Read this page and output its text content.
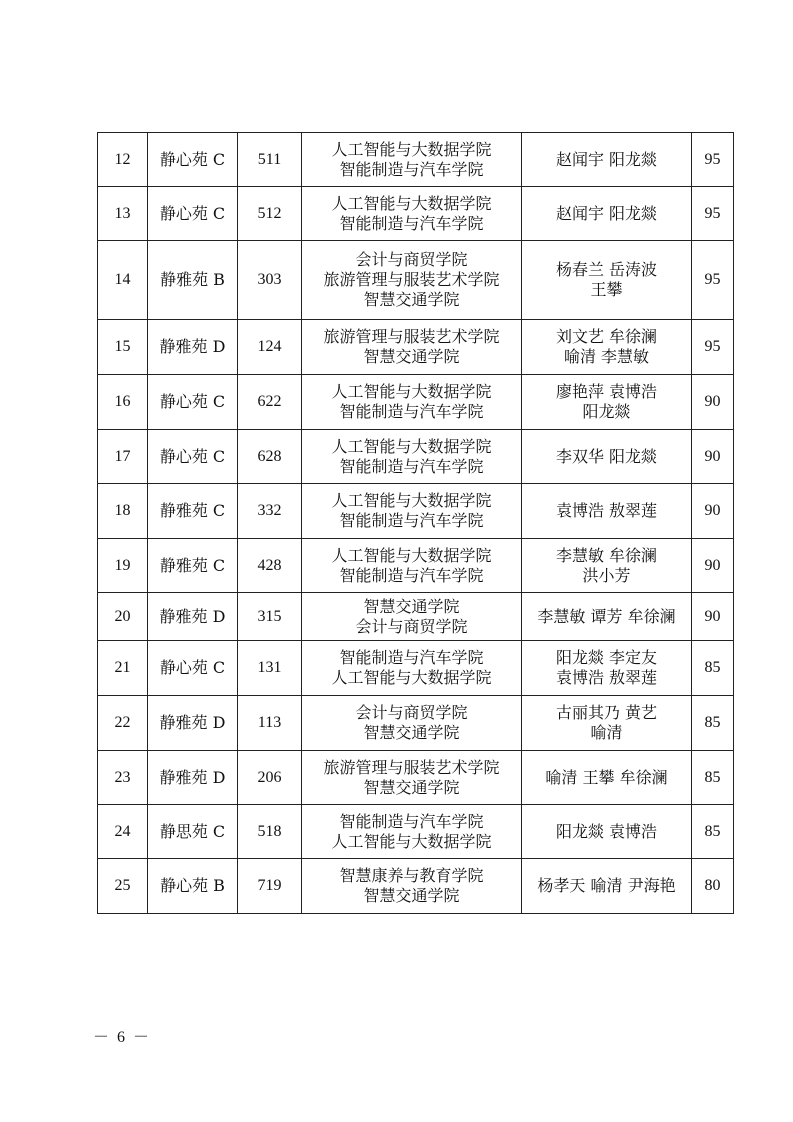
12	静心苑 C	511	人工智能与大数据学院
智能制造与汽车学院	赵闻宇 阳龙燚	95
13	静心苑 C	512	人工智能与大数据学院
智能制造与汽车学院	赵闻宇 阳龙燚	95
14	静雅苑 B	303	会计与商贸学院
旅游管理与服装艺术学院
智慧交通学院	杨春兰 岳涛波
王攀	95
15	静雅苑 D	124	旅游管理与服装艺术学院
智慧交通学院	刘文艺 牟徐澜
喻清 李慧敏	95
16	静心苑 C	622	人工智能与大数据学院
智能制造与汽车学院	廖艳萍 袁博浩
阳龙燚	90
17	静心苑 C	628	人工智能与大数据学院
智能制造与汽车学院	李双华 阳龙燚	90
18	静雅苑 C	332	人工智能与大数据学院
智能制造与汽车学院	袁博浩 敖翠莲	90
19	静雅苑 C	428	人工智能与大数据学院
智能制造与汽车学院	李慧敏 牟徐澜
洪小芳	90
20	静雅苑 D	315	智慧交通学院
会计与商贸学院	李慧敏 谭芳 牟徐澜	90
21	静心苑 C	131	智能制造与汽车学院
人工智能与大数据学院	阳龙燚 李定友
袁博浩 敖翠莲	85
22	静雅苑 D	113	会计与商贸学院
智慧交通学院	古丽其乃 黄艺
喻清	85
23	静雅苑 D	206	旅游管理与服装艺术学院
智慧交通学院	喻清 王攀 牟徐澜	85
24	静思苑 C	518	智能制造与汽车学院
人工智能与大数据学院	阳龙燚 袁博浩	85
25	静心苑 B	719	智慧康养与教育学院
智慧交通学院	杨孝天 喻清 尹海艳	80
－ 6 －
